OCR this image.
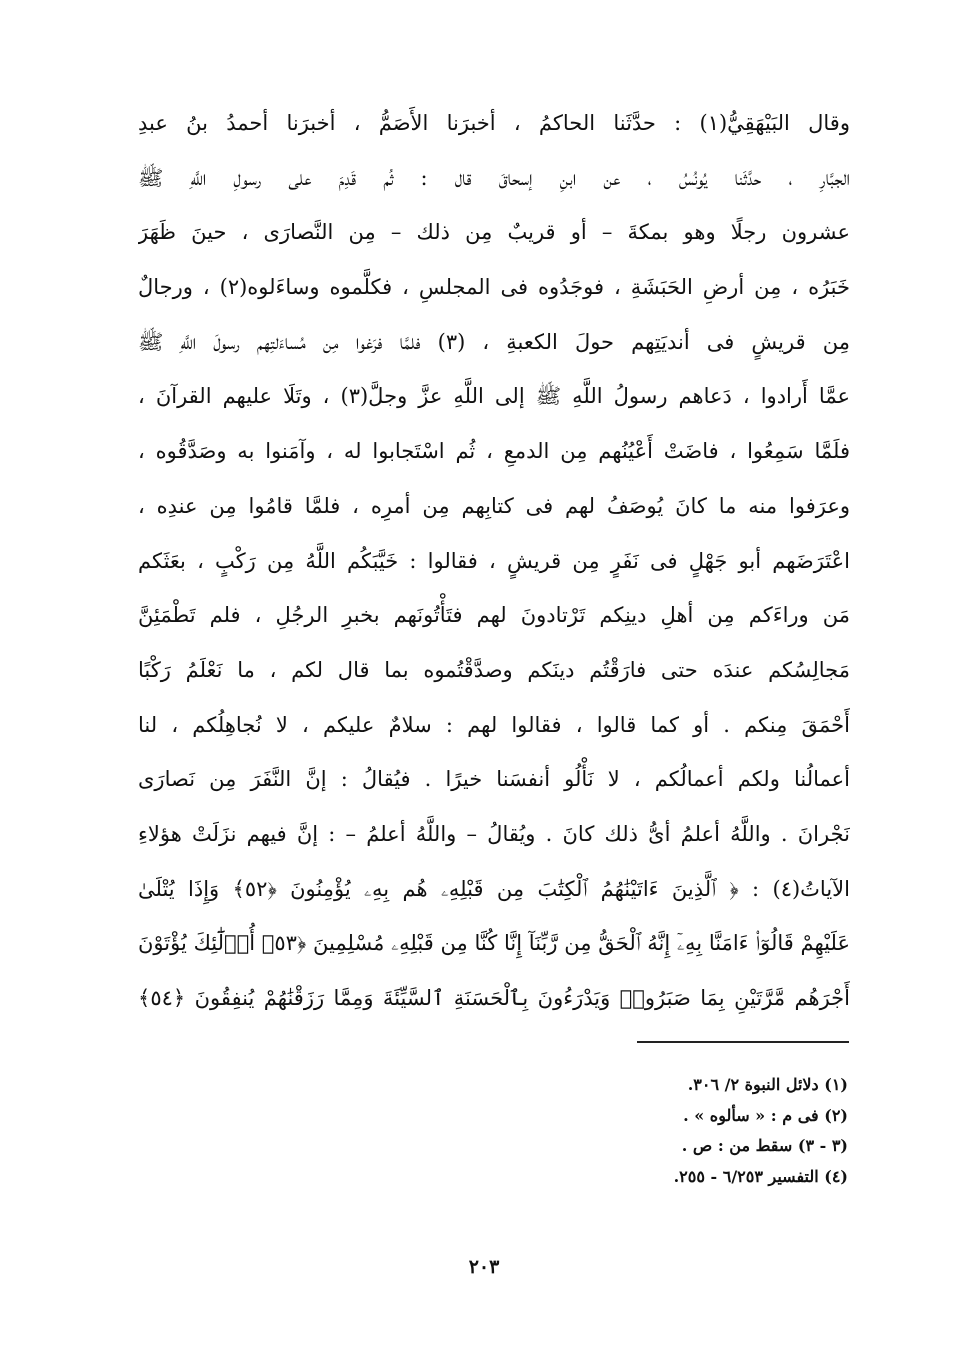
وقال البَيْهَقِيُّ(١) : حدَّثَنا الحاكمُ ، أخبرَنا الأَصَمُّ ، أخبرَنا أحمدُ بنُ عبدِ
الجبَّارِ ، حدَّثَنا يُونُسُ ، عن ابنِ إسحاقَ قال : ثُم قَدِمَ على رسولِ اللَّهِ ﷺ
عشرون رجلًا وهو بمكةَ – أو قريبٌ مِن ذلك – مِن النَّصارَى ، حينَ ظَهَرَ
خَبَرُه ، مِن أرضِ الحَبَشَةِ ، فوجَدُوه فى المجلسِ ، فكلَّموه وساءَلوه(٢) ، ورجالٌ
مِن قريشٍ فى أنديَتِهم حولَ الكعبةِ ، (٣) فلمَّا فرَغوا مِن مُساءَلتِهم رسولَ اللَّهِ ﷺ
عمَّا أَرادوا ، دَعاهم رسولُ اللَّهِ ﷺ إلى اللَّهِ عزَّ وجلَّ(٣) ، وتَلَا عليهم القرآنَ ،
فلَمَّا سَمِعُوا ، فاضَتْ أَعْيُنُهم مِن الدمعِ ، ثُم اسْتَجابوا له ، وآمَنوا به وصَدَّقُوه ،
وعرَفوا منه ما كانَ يُوصَفُ لهم فى كتابِهم مِن أمرِه ، فلمَّا قامُوا مِن عندِه ،
اعْتَرَضَهم أبو جَهْلٍ فى نَفَرٍ مِن قريشٍ ، فقالوا : خَيَّبَكُم اللَّهُ مِن رَكْبٍ ، بعَثَكم
مَن وراءَكم مِن أهلِ دينِكم تَرْتادونَ لهم فتَأْتُونَهم بخبرِ الرجُلِ ، فلم تَطْمَئِنَّ
مَجالِسُكم عندَه حتى فارَقْتُم دينَكم وصدَّقْتُموه بما قال لكم ، ما نَعْلَمُ رَكْبًا
أَحْمَقَ مِنكم . أو كما قالوا ، فقالوا لهم : سلامٌ عليكم ، لا نُجاهِلُكم ، لنا
أعمالُنا ولكم أعمالُكم ، لا نَأْلُو أنفسَنا خيرًا . فيُقالُ : إنَّ النَّفَرَ مِن نَصارَى
نَجْرانَ . واللَّهُ أعلمُ أىُّ ذلك كانَ . ويُقالُ – واللَّهُ أعلمُ – : إنَّ فيهم نزَلَتْ هؤلاءِ
الآياتُ(٤) : ﴿ ٱلَّذِينَ ءَاتَيْنَٰهُمُ ٱلْكِتَٰبَ مِن قَبْلِهِۦ هُم بِهِۦ يُؤْمِنُونَ ﴿٥٢﴾ وَإِذَا يُتْلَىٰ
عَلَيْهِمْ قَالُوٓا۟ ءَامَنَّا بِهِۦٓ إِنَّهُ ٱلْحَقُّ مِن رَّبِّنَآ إِنَّا كُنَّا مِن قَبْلِهِۦ مُسْلِمِينَ ﴿٥٣﴾ أُو۟لَٰٓئِكَ يُؤْتَوْنَ
أَجْرَهُم مَّرَّتَيْنِ بِمَا صَبَرُوا۟ وَيَدْرَءُونَ بِٱلْحَسَنَةِ ٱلسَّيِّئَةَ وَمِمَّا رَزَقْنَٰهُمْ يُنفِقُونَ ﴿٥٤﴾
(١) دلائل النبوة ٢/ ٣٠٦.
(٢) فى م : « سألوه » .
(٣ - ٣) سقط من : ص .
(٤) التفسير ٦/٢٥٣ - ٢٥٥.
٢٠٣
